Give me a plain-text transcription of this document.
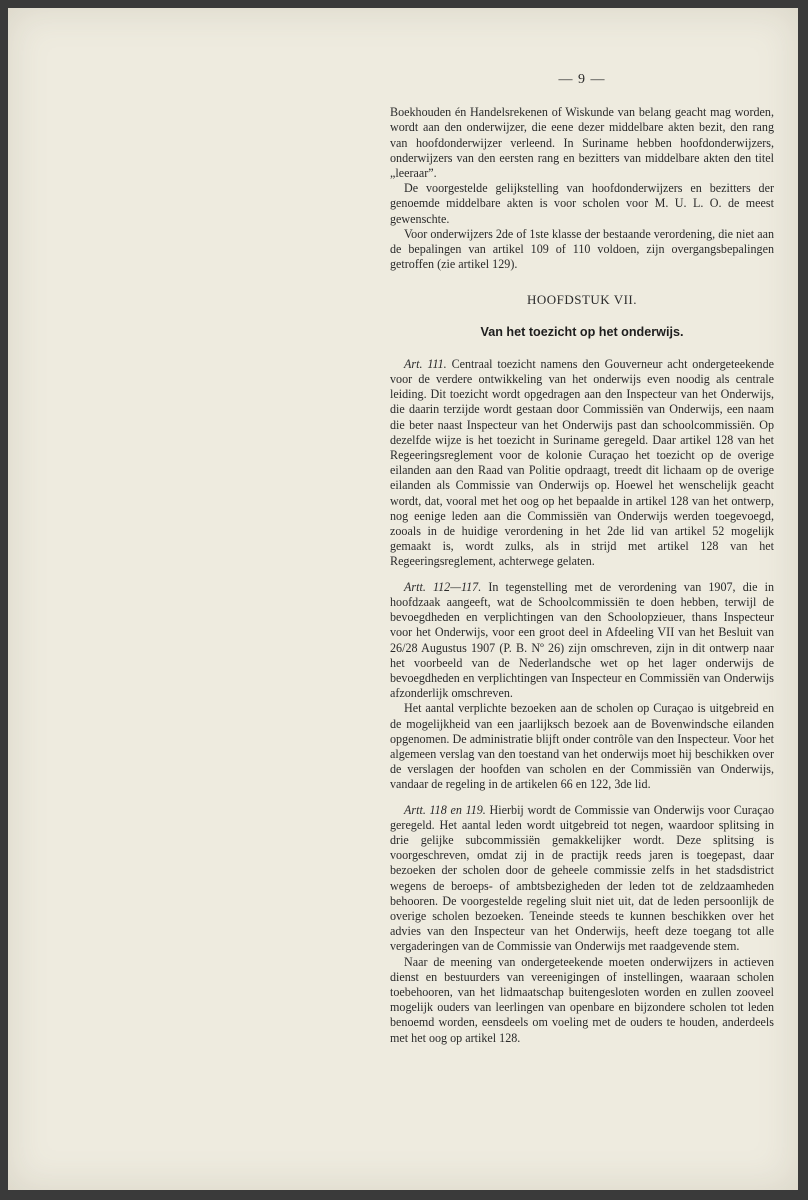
— 9 —

Boekhouden én Handelsrekenen of Wiskunde van belang geacht mag worden, wordt aan den onderwijzer, die eene dezer middelbare akten bezit, den rang van hoofdonderwijzer verleend. In Suriname hebben hoofdonderwijzers, onderwijzers van den eersten rang en bezitters van middelbare akten den titel „leeraar”.

De voorgestelde gelijkstelling van hoofdonderwijzers en bezitters der genoemde middelbare akten is voor scholen voor M. U. L. O. de meest gewenschte.

Voor onderwijzers 2de of 1ste klasse der bestaande verordening, die niet aan de bepalingen van artikel 109 of 110 voldoen, zijn overgangsbepalingen getroffen (zie artikel 129).

HOOFDSTUK VII.
Van het toezicht op het onderwijs.

Art. 111. Centraal toezicht namens den Gouverneur acht ondergeteekende voor de verdere ontwikkeling van het onderwijs even noodig als centrale leiding. Dit toezicht wordt opgedragen aan den Inspecteur van het Onderwijs, die daarin terzijde wordt gestaan door Commissiën van Onderwijs, een naam die beter naast Inspecteur van het Onderwijs past dan schoolcommissiën. Op dezelfde wijze is het toezicht in Suriname geregeld. Daar artikel 128 van het Regeeringsreglement voor de kolonie Curaçao het toezicht op de overige eilanden aan den Raad van Politie opdraagt, treedt dit lichaam op de overige eilanden als Commissie van Onderwijs op. Hoewel het wenschelijk geacht wordt, dat, vooral met het oog op het bepaalde in artikel 128 van het ontwerp, nog eenige leden aan die Commissiën van Onderwijs werden toegevoegd, zooals in de huidige verordening in het 2de lid van artikel 52 mogelijk gemaakt is, wordt zulks, als in strijd met artikel 128 van het Regeeringsreglement, achterwege gelaten.

Artt. 112—117. In tegenstelling met de verordening van 1907, die in hoofdzaak aangeeft, wat de Schoolcommissiën te doen hebben, terwijl de bevoegdheden en verplichtingen van den Schoolopzieuer, thans Inspecteur voor het Onderwijs, voor een groot deel in Afdeeling VII van het Besluit van 26/28 Augustus 1907 (P. B. Nº 26) zijn omschreven, zijn in dit ontwerp naar het voorbeeld van de Nederlandsche wet op het lager onderwijs de bevoegdheden en verplichtingen van Inspecteur en Commissiën van Onderwijs afzonderlijk omschreven.

Het aantal verplichte bezoeken aan de scholen op Curaçao is uitgebreid en de mogelijkheid van een jaarlijksch bezoek aan de Bovenwindsche eilanden opgenomen. De administratie blijft onder contrôle van den Inspecteur. Voor het algemeen verslag van den toestand van het onderwijs moet hij beschikken over de verslagen der hoofden van scholen en der Commissiën van Onderwijs, vandaar de regeling in de artikelen 66 en 122, 3de lid.

Artt. 118 en 119. Hierbij wordt de Commissie van Onderwijs voor Curaçao geregeld. Het aantal leden wordt uitgebreid tot negen, waardoor splitsing in drie gelijke subcommissiën gemakkelijker wordt. Deze splitsing is voorgeschreven, omdat zij in de practijk reeds jaren is toegepast, daar bezoeken der scholen door de geheele commissie zelfs in het stadsdistrict wegens de beroeps- of ambtsbezigheden der leden tot de zeldzaamheden behooren. De voorgestelde regeling sluit niet uit, dat de leden persoonlijk de overige scholen bezoeken. Teneinde steeds te kunnen beschikken over het advies van den Inspecteur van het Onderwijs, heeft deze toegang tot alle vergaderingen van de Commissie van Onderwijs met raadgevende stem.

Naar de meening van ondergeteekende moeten onderwijzers in actieven dienst en bestuurders van vereenigingen of instellingen, waaraan scholen toebehooren, van het lidmaatschap buitengesloten worden en zullen zooveel mogelijk ouders van leerlingen van openbare en bijzondere scholen tot leden benoemd worden, eensdeels om voeling met de ouders te houden, anderdeels met het oog op artikel 128.
